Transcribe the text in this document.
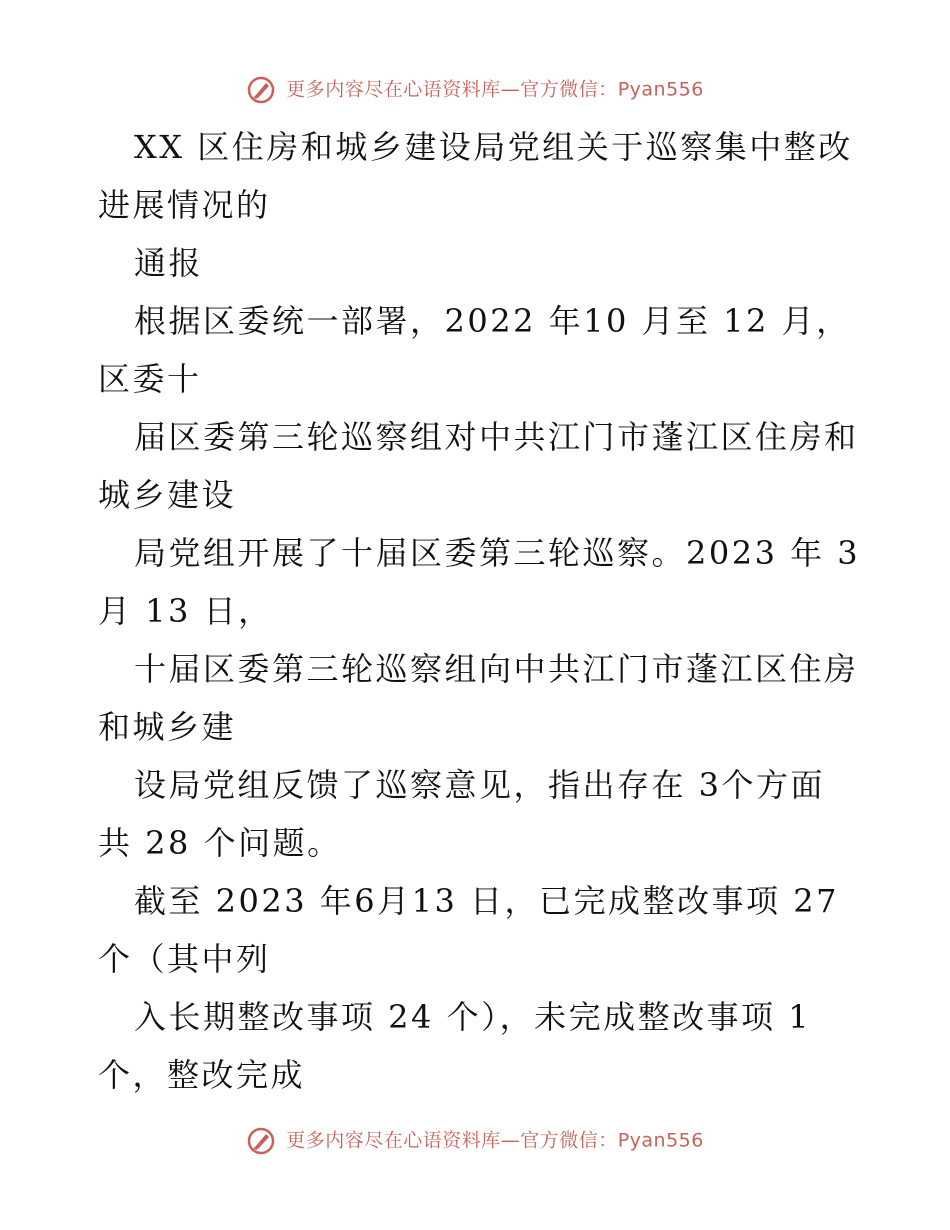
更多内容尽在心语资料库—官方微信：Pyan556
XX 区住房和城乡建设局党组关于巡察集中整改
进展情况的
通报
根据区委统一部署，2022 年10 月至 12 月，
区委十
届区委第三轮巡察组对中共江门市蓬江区住房和
城乡建设
局党组开展了十届区委第三轮巡察。2023 年 3
月 13 日，
十届区委第三轮巡察组向中共江门市蓬江区住房
和城乡建
设局党组反馈了巡察意见，指出存在 3个方面
共 28 个问题。
截至 2023 年6月13 日，已完成整改事项 27
个（其中列
入长期整改事项 24 个），未完成整改事项 1
个，整改完成
更多内容尽在心语资料库—官方微信：Pyan556
